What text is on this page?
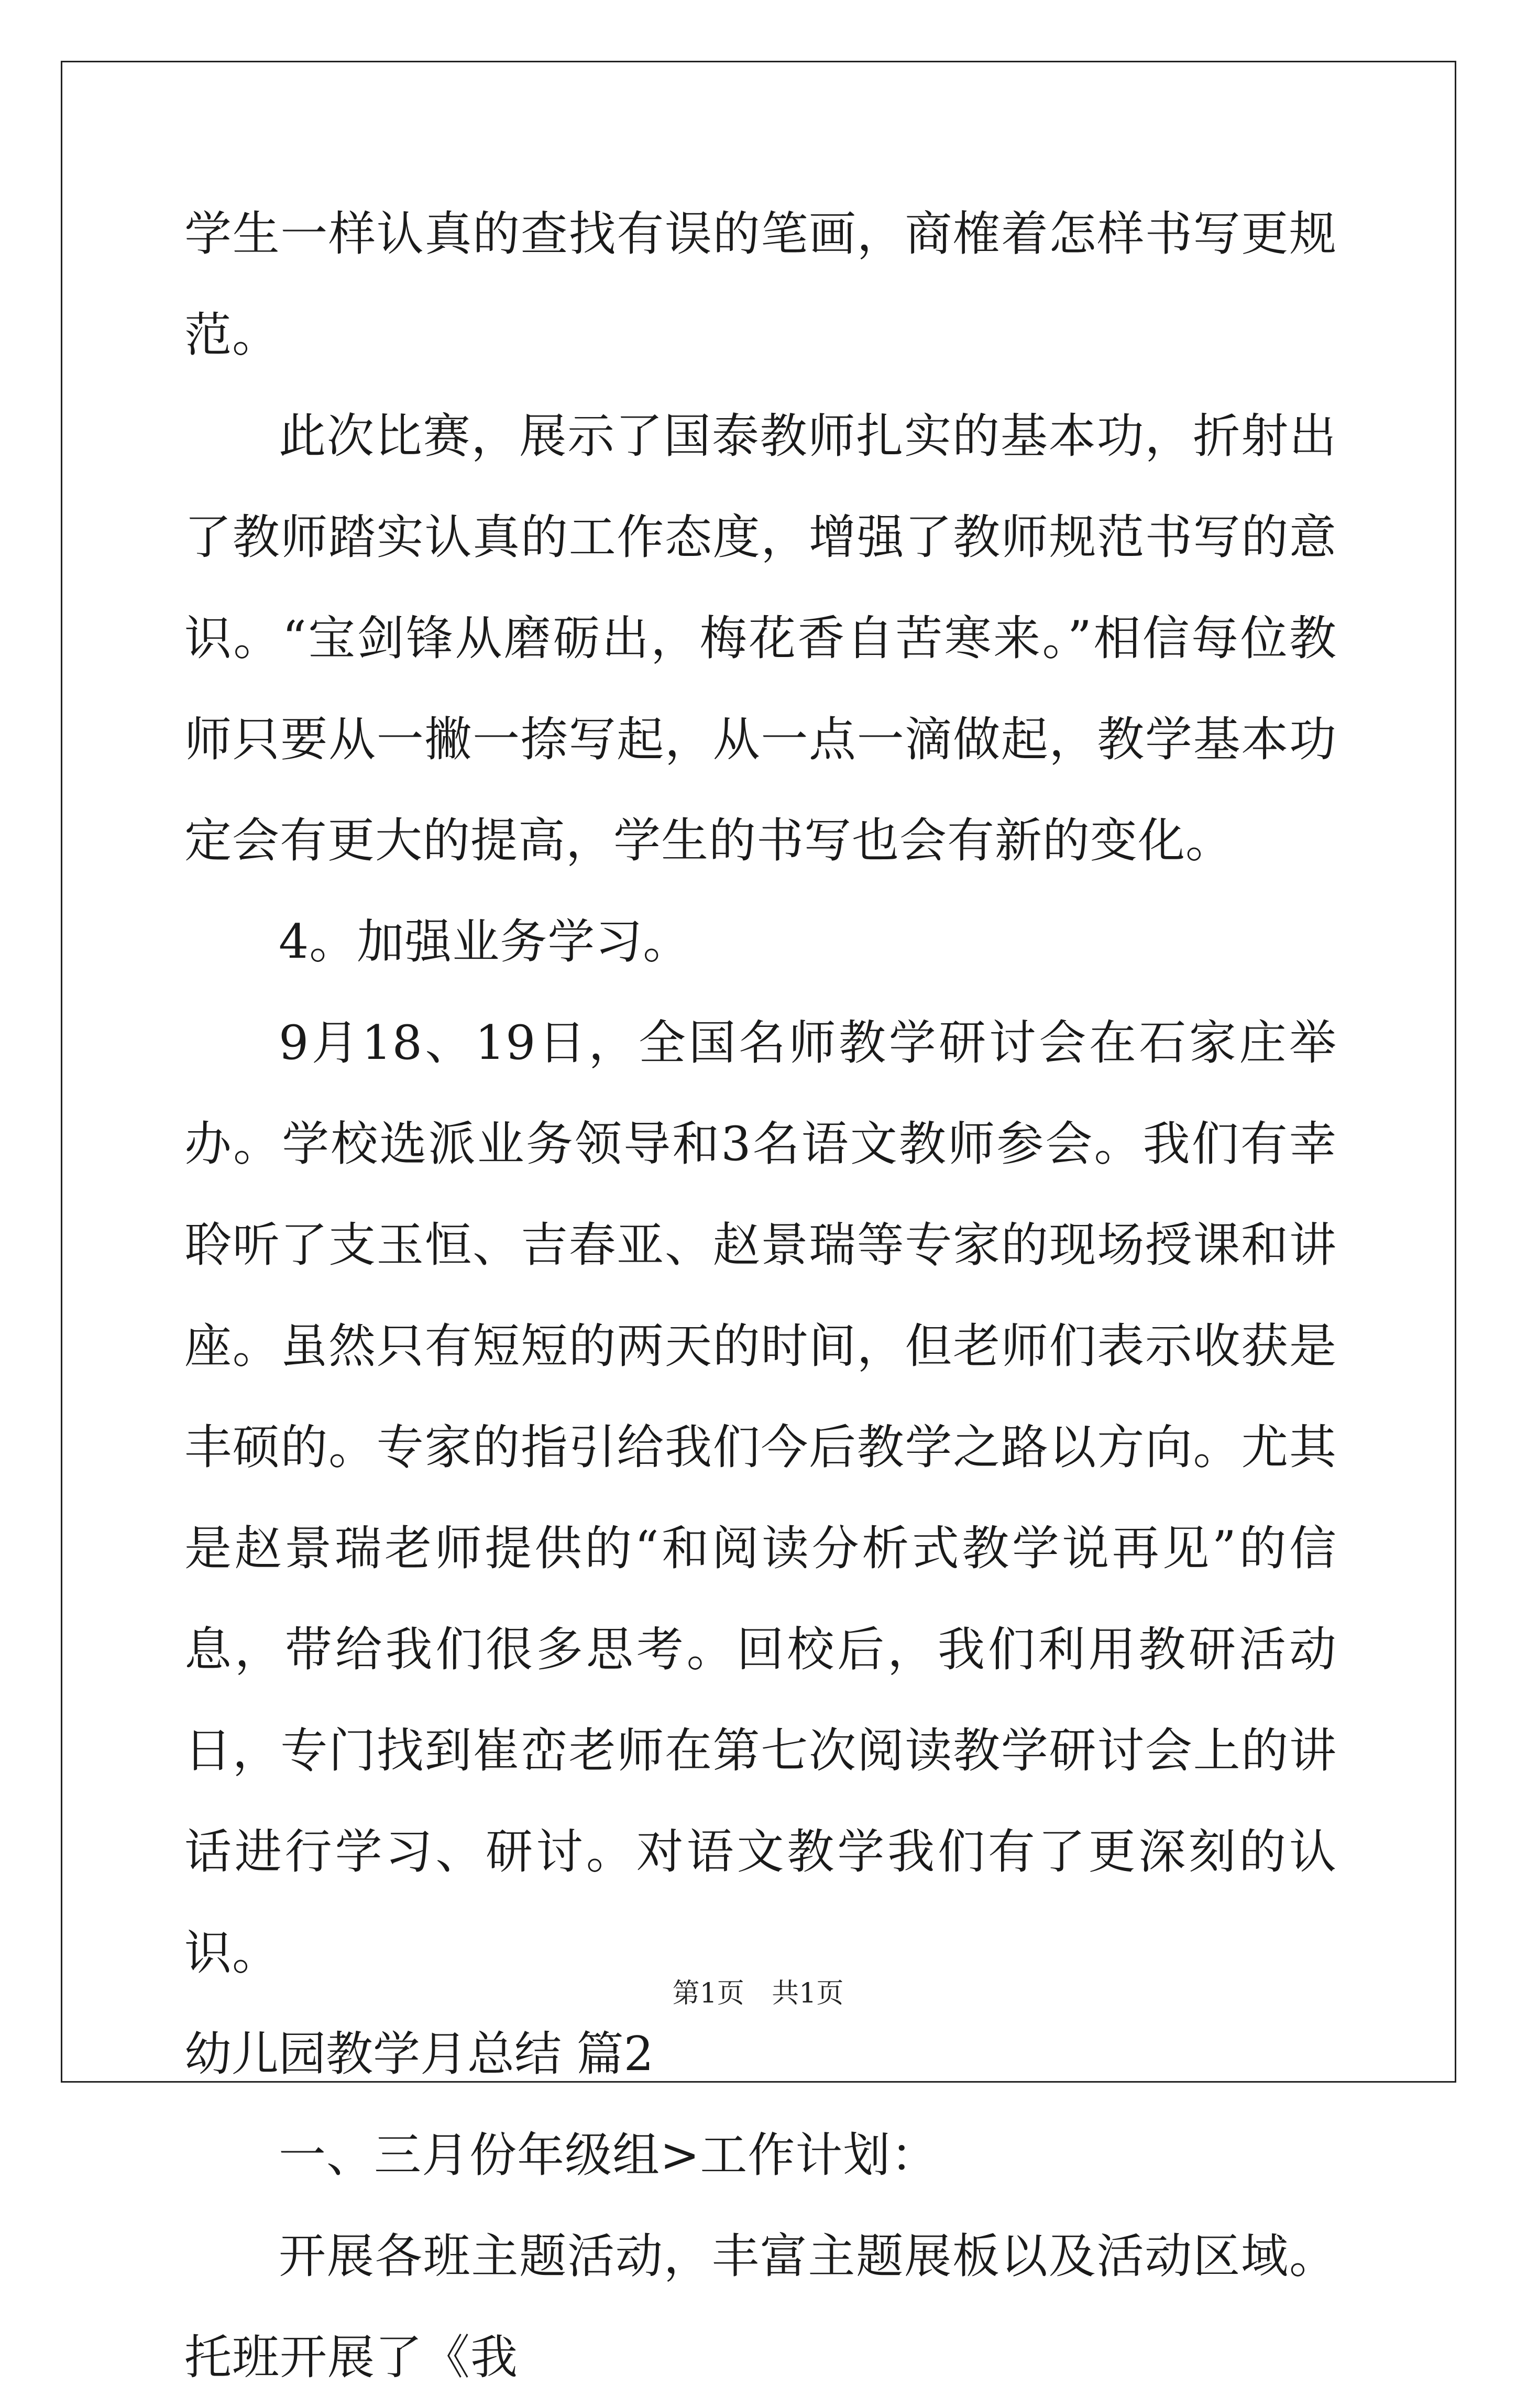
学生一样认真的查找有误的笔画，商榷着怎样书写更规范。

此次比赛，展示了国泰教师扎实的基本功，折射出了教师踏实认真的工作态度，增强了教师规范书写的意识。“宝剑锋从磨砺出，梅花香自苦寒来。”相信每位教师只要从一撇一捺写起，从一点一滴做起，教学基本功定会有更大的提高，学生的书写也会有新的变化。

4。加强业务学习。

9月18、19日，全国名师教学研讨会在石家庄举办。学校选派业务领导和3名语文教师参会。我们有幸聆听了支玉恒、吉春亚、赵景瑞等专家的现场授课和讲座。虽然只有短短的两天的时间，但老师们表示收获是丰硕的。专家的指引给我们今后教学之路以方向。尤其是赵景瑞老师提供的“和阅读分析式教学说再见”的信息，带给我们很多思考。回校后，我们利用教研活动日，专门找到崔峦老师在第七次阅读教学研讨会上的讲话进行学习、研讨。对语文教学我们有了更深刻的认识。

幼儿园教学月总结 篇2

一、三月份年级组>工作计划：

开展各班主题活动，丰富主题展板以及活动区域。托班开展了《我

第1页 共1页
